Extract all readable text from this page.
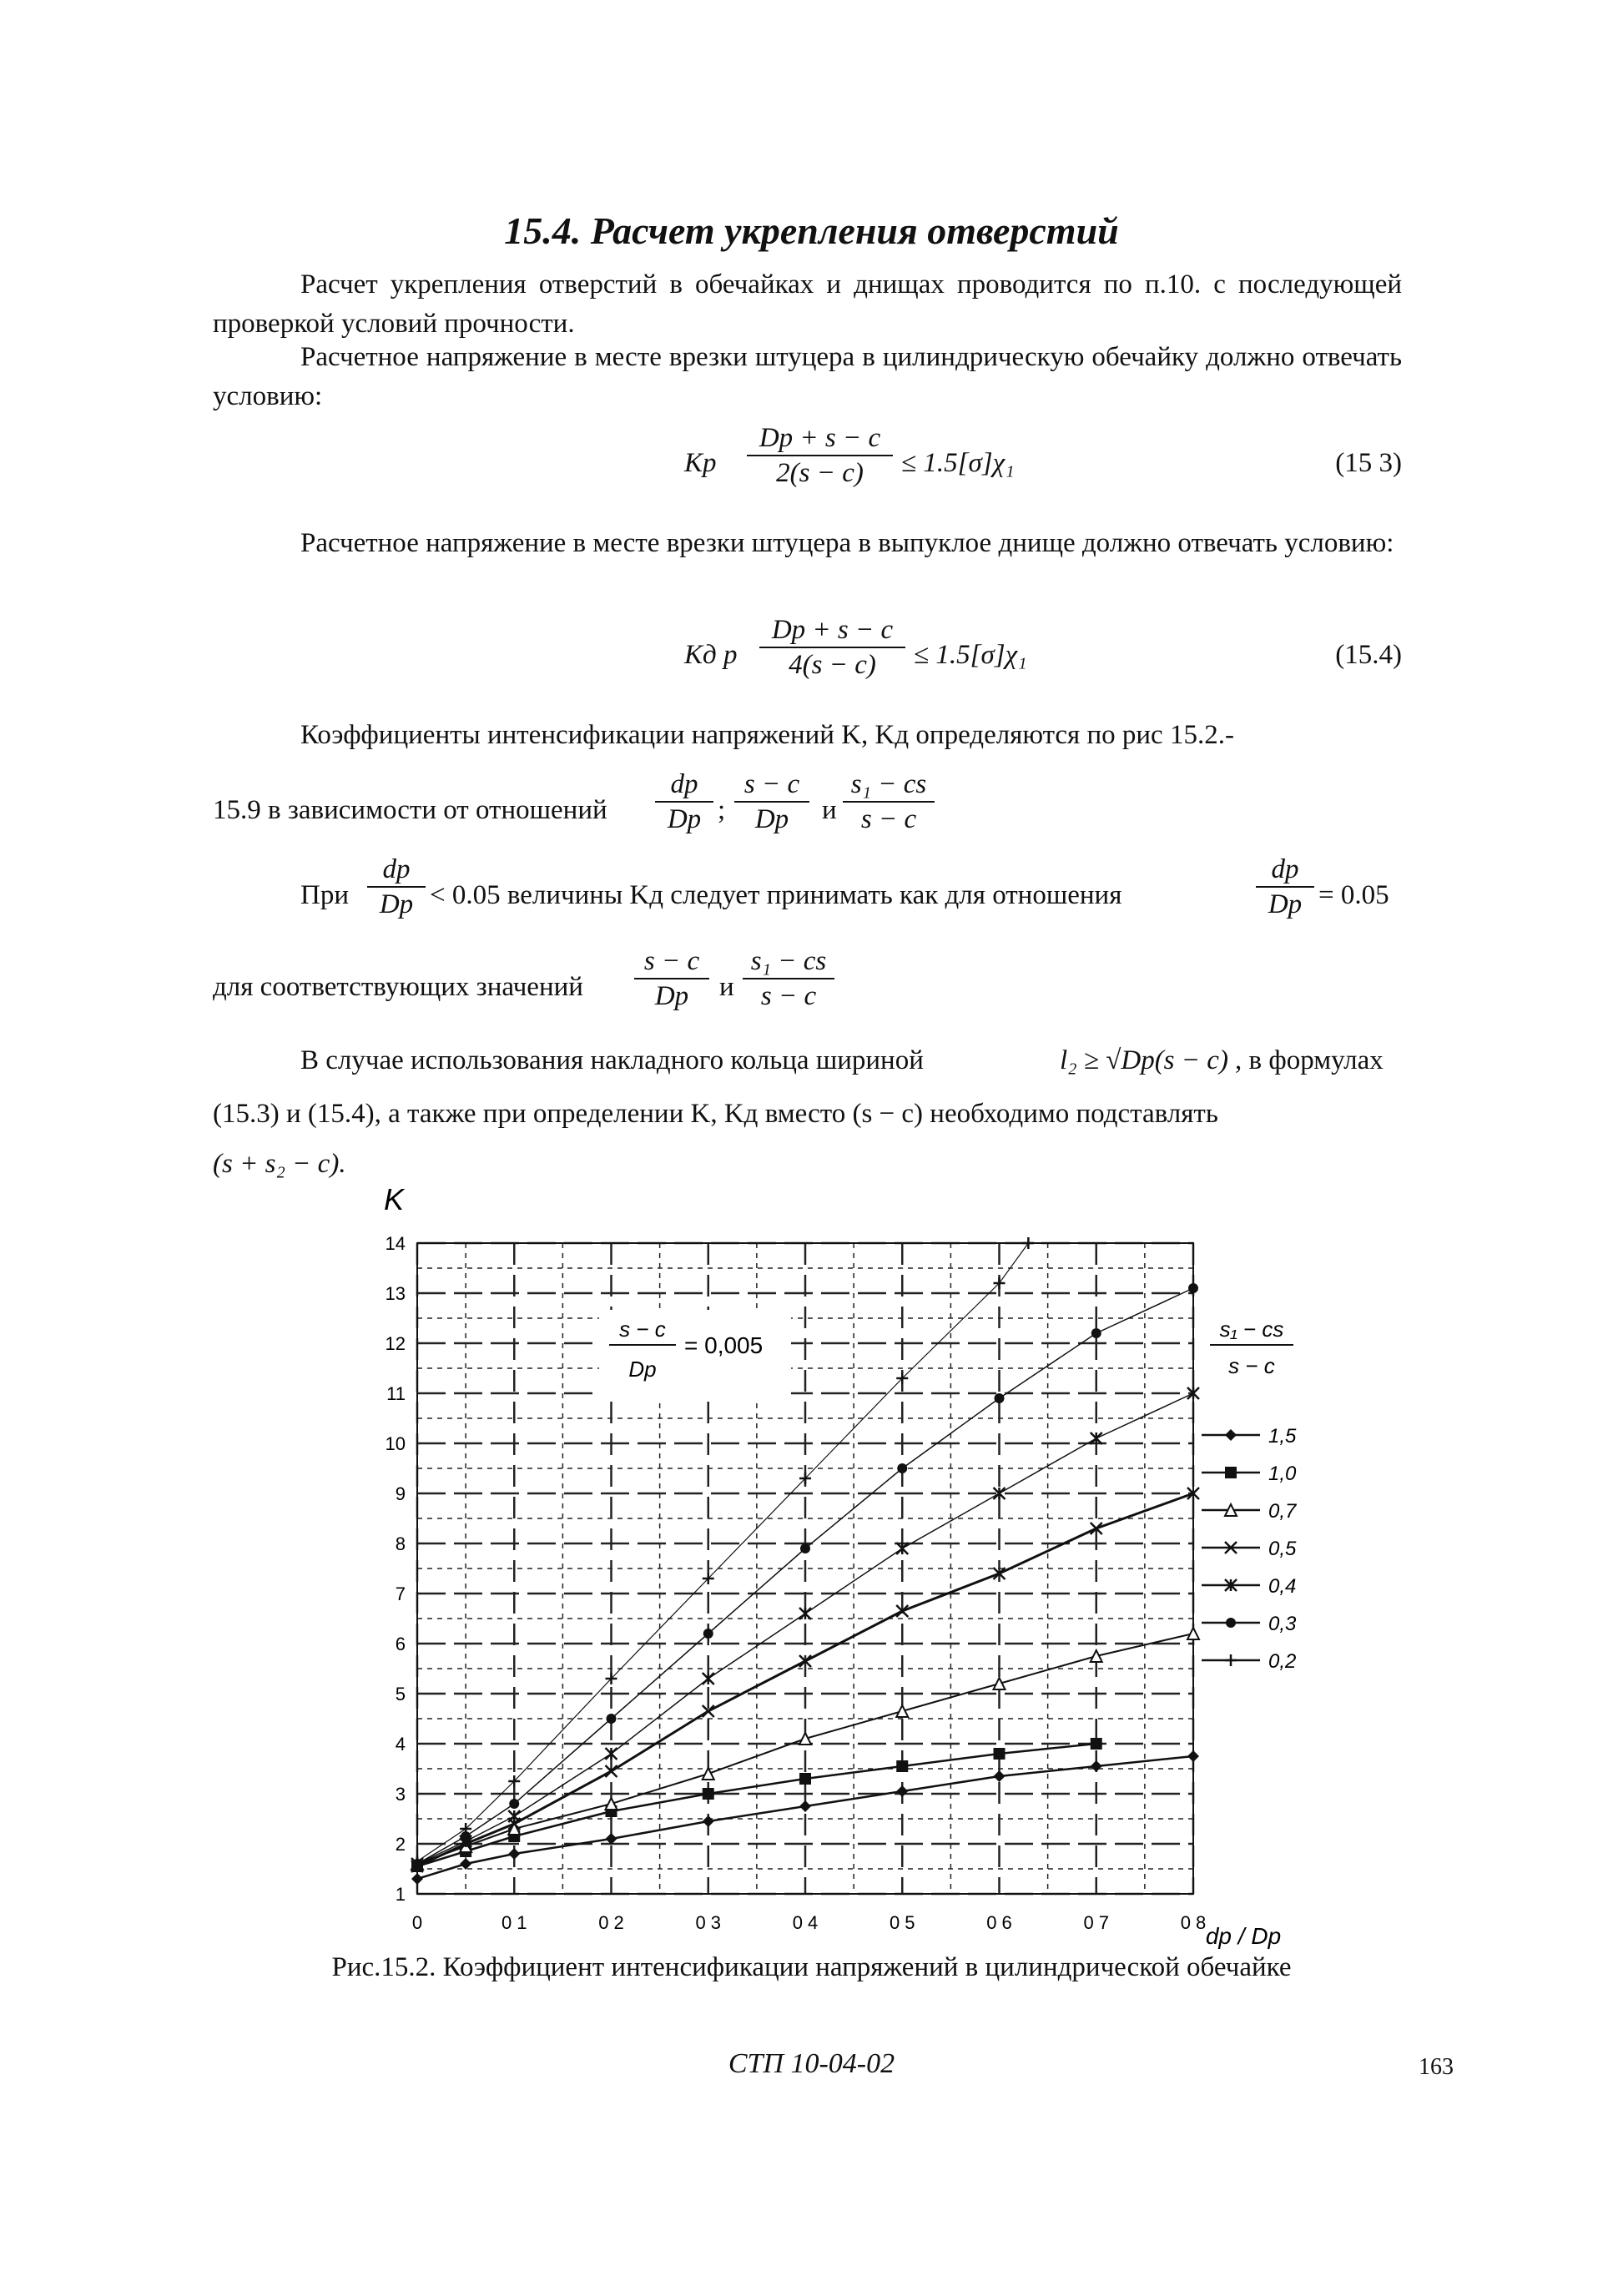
15.4. Расчет укрепления отверстий
Расчет укрепления отверстий в обечайках и днищах проводится по п.10. с последующей проверкой условий прочности.
Расчетное напряжение в месте врезки штуцера в цилиндрическую обечайку должно отвечать условию:
Kp $\frac{Dp + s - c}{2(s - c)} \le 1.5[\sigma]\chi_1$	(15 3)
Расчетное напряжение в месте врезки штуцера в выпуклое днище должно отвечать условию:
Kд p $\frac{Dp + s - c}{4(s - c)} \le 1.5[\sigma]\chi_1$	(15.4)
Коэффициенты интенсификации напряжений K, Kд определяются по рис 15.2.-
15.9 в зависимости от отношений $\frac{dp}{Dp}$ ; $\frac{s - c}{Dp}$ и $\frac{\text{s₁ − cs}}{s - c}$
При $\frac{dp}{Dp} < 0.05$ величины Kд следует принимать как для отношения	$\frac{dp}{Dp} = 0.05$
для соответствующих значений $\frac{s - c}{Dp}$ и $\frac{\text{s₁ − cs}}{s - c}$
В случае использования накладного кольца шириной	l₂ ≥ √Dp(s − c) , в формулах
(15.3) и (15.4), а также при определении K, Kд вместо (s − c) необходимо подставлять
(s + s₂ − c).
1
2
3
4
5
6
7
8
9
10
11
12
13
14
0	0 1	0 2	0 3	0 4	0 5	0 6	0 7	0 8
K
dp / Dp
s − c
Dp
= 0,005
s₁ − cs
s − c
1,5
1,0
0,7
0,5
0,4
0,3
0,2
Рис.15.2. Коэффициент интенсификации напряжений в цилиндрической обечайке
СТП 10-04-02	163
